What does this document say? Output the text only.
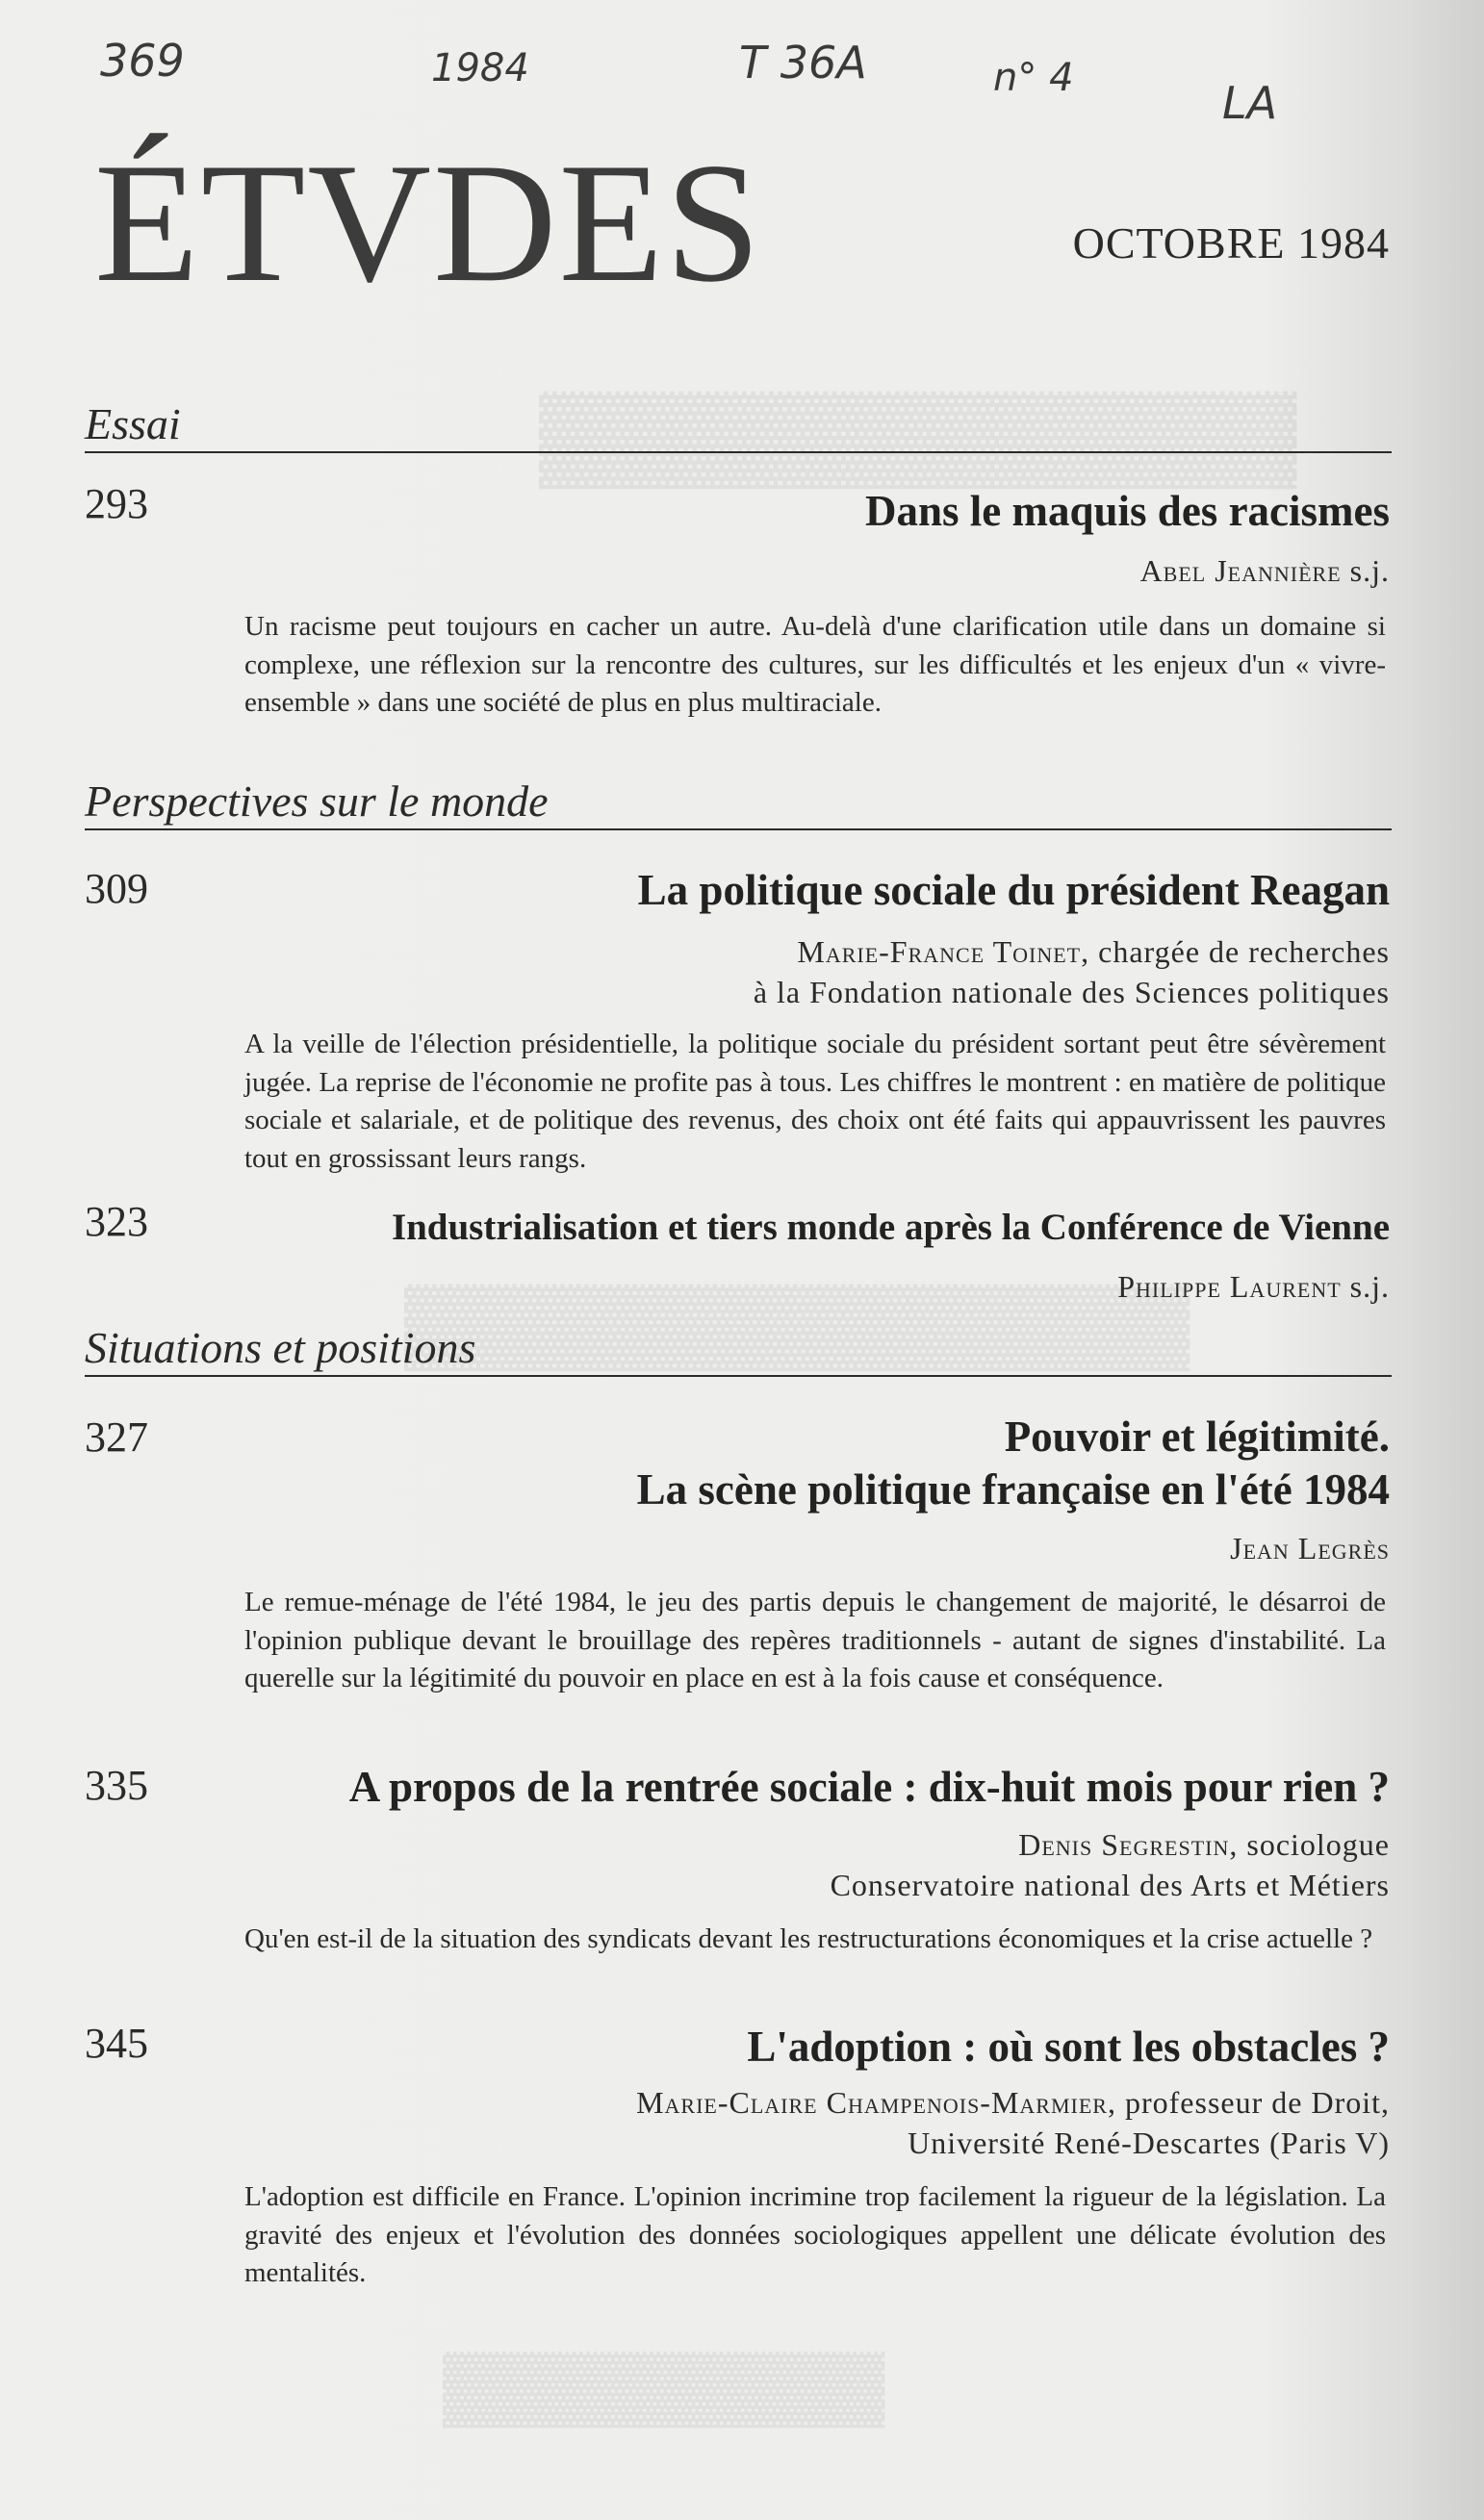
▓▓▓▓▓▓▓▓▓▓▓▓
▓▓▓▓▓▓▓▓▓▓▓▓▓▓
▓▓▓▓▓▓▓▓▓
369	1984	T 36A	n° 4	LA
ÉTVDES	OCTOBRE 1984
Essai
293	Dans le maquis des racismes
Abel Jeannière s.j.
Un racisme peut toujours en cacher un autre. Au-delà d'une clarification utile dans un domaine si complexe, une réflexion sur la rencontre des cultures, sur les difficultés et les enjeux d'un « vivre-ensemble » dans une société de plus en plus multiraciale.
Perspectives sur le monde
309	La politique sociale du président Reagan
Marie-France Toinet, chargée de recherches
à la Fondation nationale des Sciences politiques
A la veille de l'élection présidentielle, la politique sociale du président sortant peut être sévèrement jugée. La reprise de l'économie ne profite pas à tous. Les chiffres le montrent : en matière de politique sociale et salariale, et de politique des revenus, des choix ont été faits qui appauvrissent les pauvres tout en grossissant leurs rangs.
323	Industrialisation et tiers monde après la Conférence de Vienne
Philippe Laurent s.j.
Situations et positions
327	Pouvoir et légitimité.
La scène politique française en l'été 1984
Jean Legrès
Le remue-ménage de l'été 1984, le jeu des partis depuis le changement de majorité, le désarroi de l'opinion publique devant le brouillage des repères traditionnels - autant de signes d'instabilité. La querelle sur la légitimité du pouvoir en place en est à la fois cause et conséquence.
335	A propos de la rentrée sociale : dix-huit mois pour rien ?
Denis Segrestin, sociologue
Conservatoire national des Arts et Métiers
Qu'en est-il de la situation des syndicats devant les restructurations économiques et la crise actuelle ?
345	L'adoption : où sont les obstacles ?
Marie-Claire Champenois-Marmier, professeur de Droit,
Université René-Descartes (Paris V)
L'adoption est difficile en France. L'opinion incrimine trop facilement la rigueur de la législation. La gravité des enjeux et l'évolution des données sociologiques appellent une délicate évolution des mentalités.
